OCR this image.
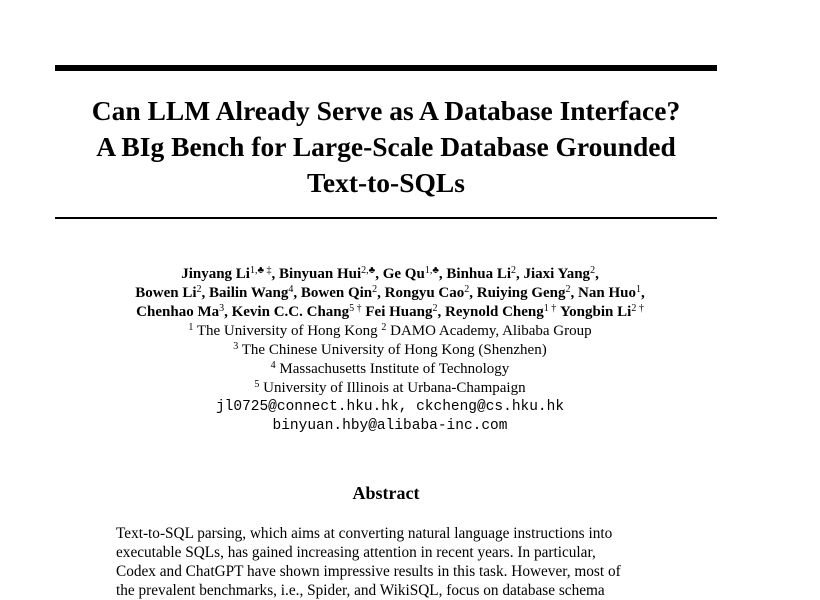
Can LLM Already Serve as A Database Interface?
A BIg Bench for Large-Scale Database Grounded
Text-to-SQLs
Jinyang $Li^{1,♣ \ddagger}$, Binyuan Hui$^{2,♣}$, Ge $Qu^{1,♣}$, Binhua Li$^2$, Jiaxi Yang$^2$,
Bowen Li$^2$, Bailin Wang$^4$, Bowen Qin$^2$, Rongyu Cao$^2$, Ruiying Geng$^2$, Nan Huo$^1$,
Chenhao Ma$^3$, Kevin C.C. Chang$^{5 \dagger}$ Fei Huang$^2$, Reynold Cheng$^{1 \dagger}$ Yongbin $Li^{2 \dagger}$
$^1$ The University of Hong Kong $^2$ DAMO Academy, Alibaba Group
$^3$ The Chinese University of Hong Kong (Shenzhen)
$^4$ Massachusetts Institute of Technology
$^5$ University of Illinois at Urbana-Champaign
jl0725@connect.hku.hk, ckcheng@cs.hku.hk
binyuan.hby@alibaba-inc.com
Abstract
Text-to-SQL parsing, which aims at converting natural language instructions into
executable SQLs, has gained increasing attention in recent years. In particular,
Codex and ChatGPT have shown impressive results in this task. However, most of
the prevalent benchmarks, i.e., Spider, and WikiSQL, focus on database schema
